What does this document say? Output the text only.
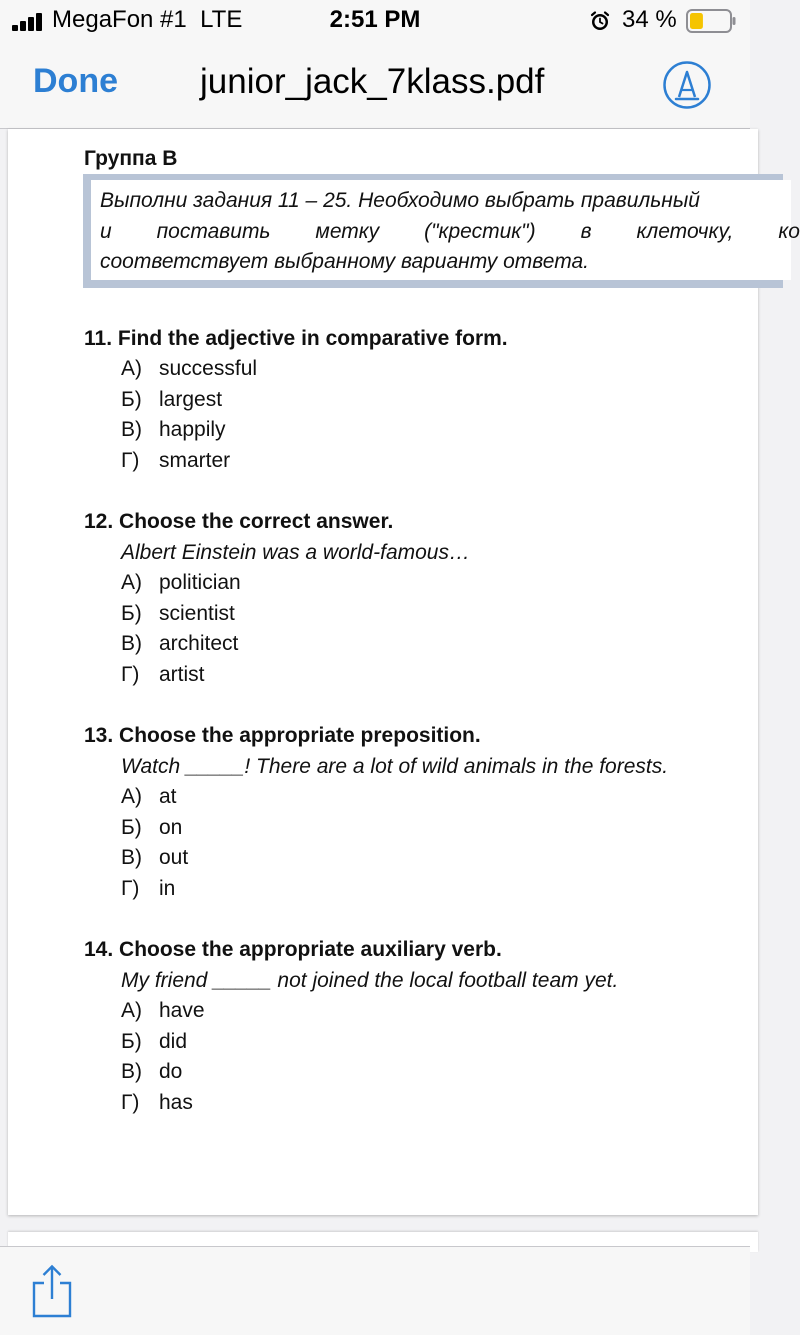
MegaFon #1 LTE	2:51 PM	34 %
Done junior_jack_7klass.pdf
Группа В
Выполни задания 11 – 25. Необходимо выбрать правильный
и поставить метку ("крестик") в клеточку, ко
соответствует выбранному варианту ответа.
11. Find the adjective in comparative form.
А) successful
Б) largest
В) happily
Г) smarter
12. Choose the correct answer.
Albert Einstein was a world-famous…
А) politician
Б) scientist
В) architect
Г) artist
13. Choose the appropriate preposition.
Watch _____! There are a lot of wild animals in the forests.
А) at
Б) on
В) out
Г) in
14. Choose the appropriate auxiliary verb.
My friend _____ not joined the local football team yet.
А) have
Б) did
В) do
Г) has
